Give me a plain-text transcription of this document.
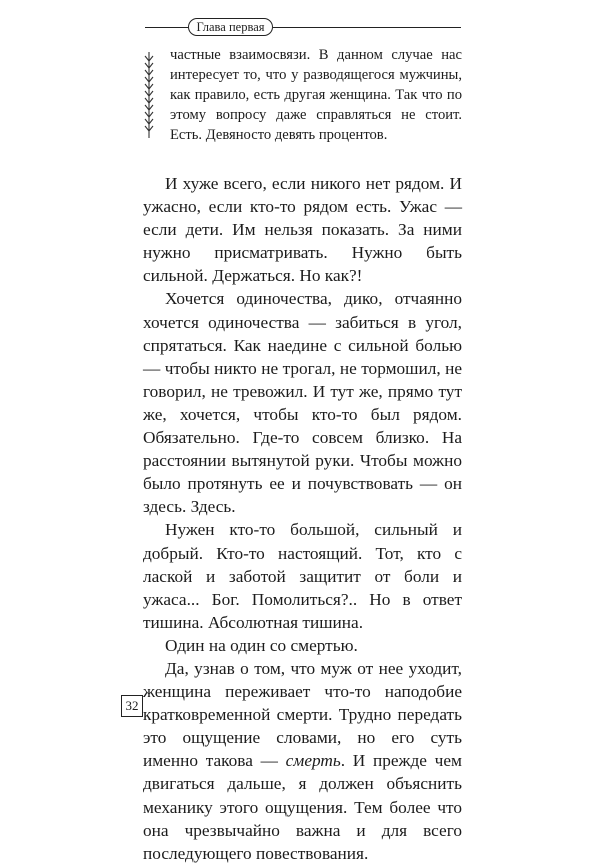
Глава первая

частные взаимосвязи. В данном случае нас интересует то, что у разводящегося мужчины, как правило, есть другая женщина. Так что по этому вопросу даже справляться не стоит. Есть. Девяносто девять процентов.

И хуже всего, если никого нет рядом. И ужасно, если кто-то рядом есть. Ужас — если дети. Им нельзя показать. За ними нужно присматривать. Нужно быть сильной. Держаться. Но как?!

Хочется одиночества, дико, отчаянно хочется одиночества — забиться в угол, спрятаться. Как наедине с сильной болью — чтобы никто не трогал, не тормошил, не говорил, не тревожил. И тут же, прямо тут же, хочется, чтобы кто-то был рядом. Обязательно. Где-то совсем близко. На расстоянии вытянутой руки. Чтобы можно было протянуть ее и почувствовать — он здесь. Здесь.

Нужен кто-то большой, сильный и добрый. Кто-то настоящий. Тот, кто с лаской и заботой защитит от боли и ужаса... Бог. Помолиться?.. Но в ответ тишина. Абсолютная тишина.

Один на один со смертью.

Да, узнав о том, что муж от нее уходит, женщина переживает что-то наподобие кратковременной смерти. Трудно передать это ощущение словами, но его суть именно такова — смерть. И прежде чем двигаться дальше, я должен объяснить механику этого ощущения. Тем более что она чрезвычайно важна и для всего последующего повествования.

32
